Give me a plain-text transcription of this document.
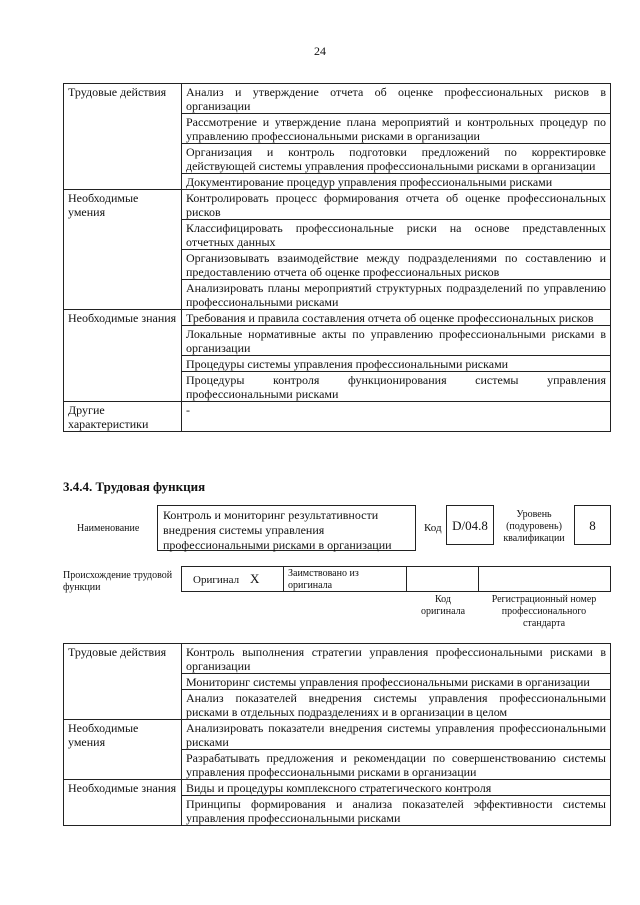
24
Трудовые действия	Анализ и утверждение отчета об оценке профессиональных рисков в организации
	Рассмотрение и утверждение плана мероприятий и контрольных процедур по управлению профессиональными рисками в организации
	Организация и контроль подготовки предложений по корректировке действующей системы управления профессиональными рисками в организации
	Документирование процедур управления профессиональными рисками
Необходимые умения	Контролировать процесс формирования отчета об оценке профессиональных рисков
	Классифицировать профессиональные риски на основе представленных отчетных данных
	Организовывать взаимодействие между подразделениями по составлению и предоставлению отчета об оценке профессиональных рисков
	Анализировать планы мероприятий структурных подразделений по управлению профессиональными рисками
Необходимые знания	Требования и правила составления отчета об оценке профессиональных рисков
	Локальные нормативные акты по управлению профессиональными рисками в организации
	Процедуры системы управления профессиональными рисками
	Процедуры контроля функционирования системы управления профессиональными рисками
Другие характеристики	-
3.4.4. Трудовая функция
Наименование
Контроль и мониторинг результативности внедрения системы управления профессиональными рисками в организации
Код D/04.8
Уровень (подуровень) квалификации
8
Происхождение трудовой функции
Оригинал X	Заимствовано из оригинала
Код оригинала
Регистрационный номер профессионального стандарта
Трудовые действия	Контроль выполнения стратегии управления профессиональными рисками в организации
	Мониторинг системы управления профессиональными рисками в организации
	Анализ показателей внедрения системы управления профессиональными рисками в отдельных подразделениях и в организации в целом
Необходимые умения	Анализировать показатели внедрения системы управления профессиональными рисками
	Разрабатывать предложения и рекомендации по совершенствованию системы управления профессиональными рисками в организации
Необходимые знания	Виды и процедуры комплексного стратегического контроля
	Принципы формирования и анализа показателей эффективности системы управления профессиональными рисками
